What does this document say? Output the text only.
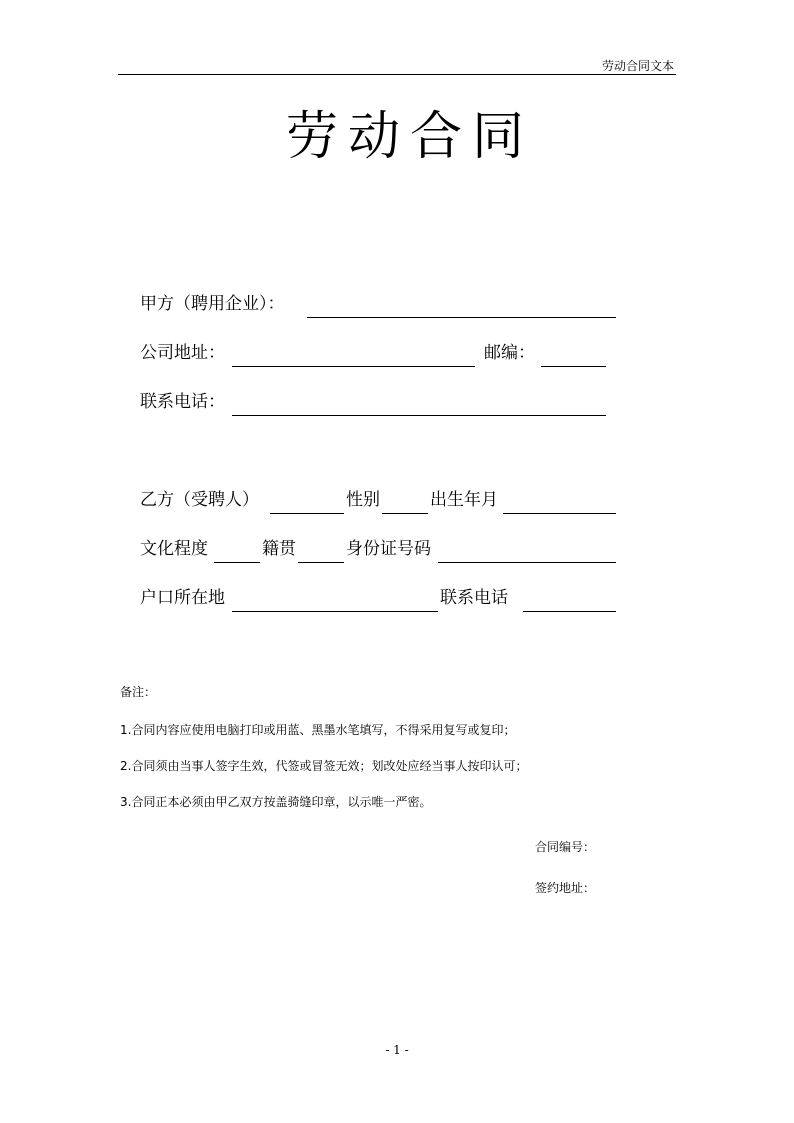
劳动合同文本
劳动合同
甲方（聘用企业）：
公司地址：	邮编：
联系电话：
乙方（受聘人）	性别	出生年月
文化程度	籍贯	身份证号码
户口所在地	联系电话
备注：
1.合同内容应使用电脑打印或用蓝、黑墨水笔填写，不得采用复写或复印；
2.合同须由当事人签字生效，代签或冒签无效；划改处应经当事人按印认可；
3.合同正本必须由甲乙双方按盖骑缝印章，以示唯一严密。
合同编号：
签约地址：
- 1 -
